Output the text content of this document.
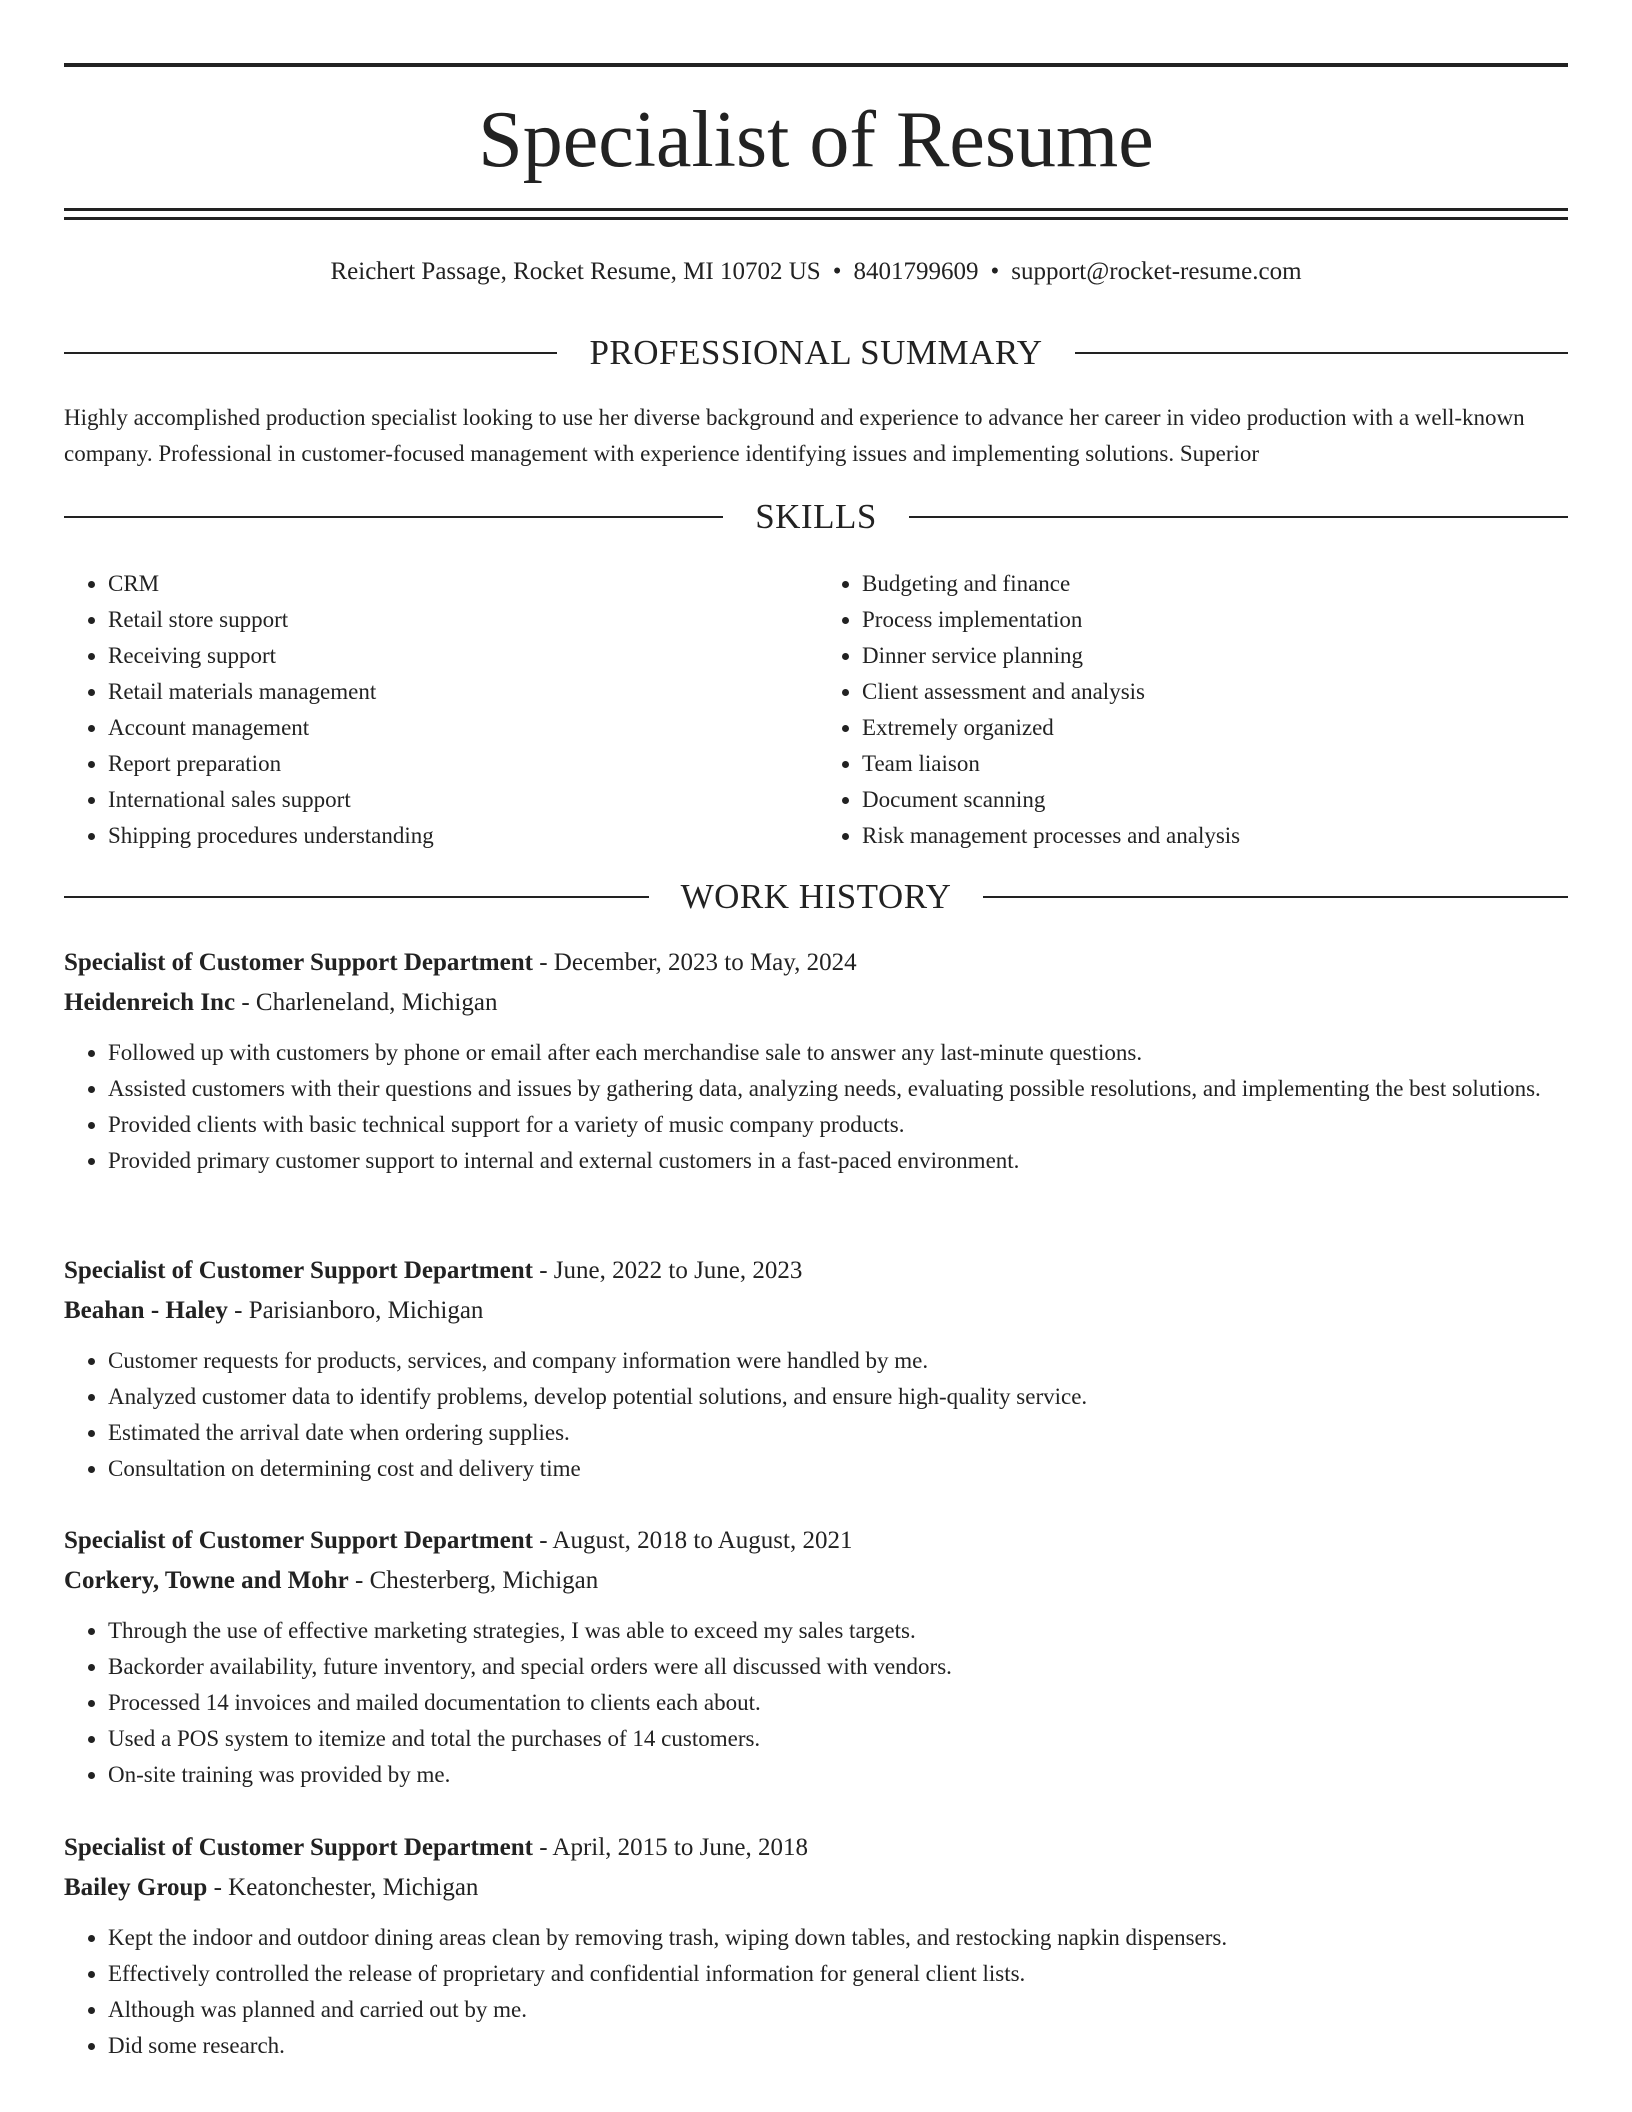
Specialist of Resume
Reichert Passage, Rocket Resume, MI 10702 US • 8401799609 • support@rocket-resume.com
PROFESSIONAL SUMMARY

Highly accomplished production specialist looking to use her diverse background and experience to advance her career in video production with a well-known company. Professional in customer-focused management with experience identifying issues and implementing solutions. Superior

SKILLS
• CRM
• Retail store support
• Receiving support
• Retail materials management
• Account management
• Report preparation
• International sales support
• Shipping procedures understanding
• Budgeting and finance
• Process implementation
• Dinner service planning
• Client assessment and analysis
• Extremely organized
• Team liaison
• Document scanning
• Risk management processes and analysis
WORK HISTORY
Specialist of Customer Support Department - December, 2023 to May, 2024
Heidenreich Inc - Charleneland, Michigan
• Followed up with customers by phone or email after each merchandise sale to answer any last-minute questions.
• Assisted customers with their questions and issues by gathering data, analyzing needs, evaluating possible resolutions, and implementing the best solutions.
• Provided clients with basic technical support for a variety of music company products.
• Provided primary customer support to internal and external customers in a fast-paced environment.
Specialist of Customer Support Department - June, 2022 to June, 2023
Beahan - Haley - Parisianboro, Michigan
• Customer requests for products, services, and company information were handled by me.
• Analyzed customer data to identify problems, develop potential solutions, and ensure high-quality service.
• Estimated the arrival date when ordering supplies.
• Consultation on determining cost and delivery time
Specialist of Customer Support Department - August, 2018 to August, 2021
Corkery, Towne and Mohr - Chesterberg, Michigan
• Through the use of effective marketing strategies, I was able to exceed my sales targets.
• Backorder availability, future inventory, and special orders were all discussed with vendors.
• Processed 14 invoices and mailed documentation to clients each about.
• Used a POS system to itemize and total the purchases of 14 customers.
• On-site training was provided by me.
Specialist of Customer Support Department - April, 2015 to June, 2018
Bailey Group - Keatonchester, Michigan
• Kept the indoor and outdoor dining areas clean by removing trash, wiping down tables, and restocking napkin dispensers.
• Effectively controlled the release of proprietary and confidential information for general client lists.
• Although was planned and carried out by me.
• Did some research.
